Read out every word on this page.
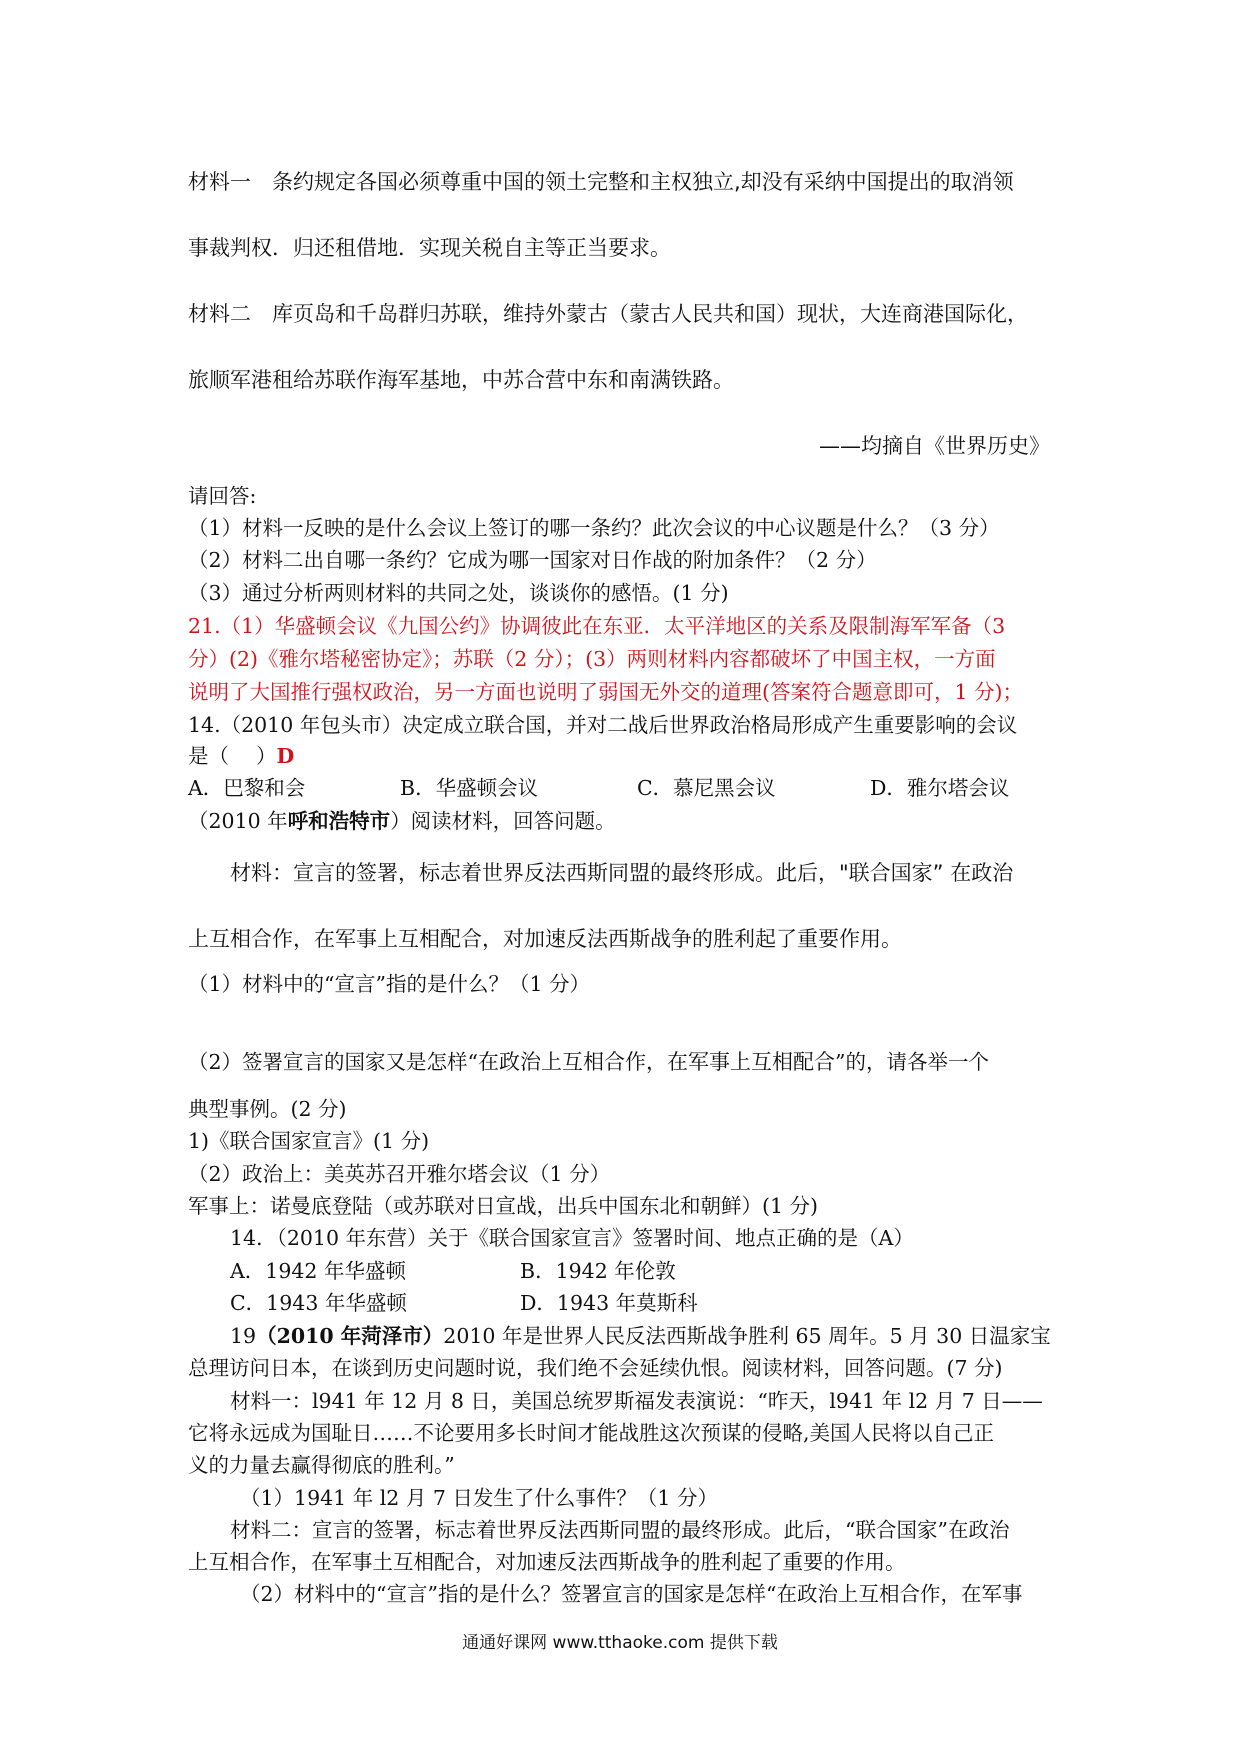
材料一　条约规定各国必须尊重中国的领土完整和主权独立,却没有采纳中国提出的取消领
事裁判权．归还租借地．实现关税自主等正当要求。
材料二　库页岛和千岛群归苏联，维持外蒙古（蒙古人民共和国）现状，大连商港国际化，
旅顺军港租给苏联作海军基地，中苏合营中东和南满铁路。
——均摘自《世界历史》
请回答:
（1）材料一反映的是什么会议上签订的哪一条约？此次会议的中心议题是什么？（3 分）
（2）材料二出自哪一条约？它成为哪一国家对日作战的附加条件？（2 分）
（3）通过分析两则材料的共同之处，谈谈你的感悟。(1 分)
21.（1）华盛顿会议《九国公约》协调彼此在东亚．太平洋地区的关系及限制海军军备（3
分）(2)《雅尔塔秘密协定》；苏联（2 分）；(3）两则材料内容都破坏了中国主权，一方面
说明了大国推行强权政治，另一方面也说明了弱国无外交的道理(答案符合题意即可，1 分)；
14.（2010 年包头市）决定成立联合国，并对二战后世界政治格局形成产生重要影响的会议
是（　 ）D
A．巴黎和会	B．华盛顿会议	C．慕尼黑会议	D．雅尔塔会议
（2010 年呼和浩特市）阅读材料，回答问题。
材料：宣言的签署，标志着世界反法西斯同盟的最终形成。此后，"联合国家” 在政治
上互相合作，在军事上互相配合，对加速反法西斯战争的胜利起了重要作用。
（1）材料中的“宣言”指的是什么？（1 分）
（2）签署宣言的国家又是怎样“在政治上互相合作，在军事上互相配合”的，请各举一个
典型事例。(2 分)
1)《联合国家宣言》(1 分)
（2）政治上：美英苏召开雅尔塔会议（1 分）
军事上：诺曼底登陆（或苏联对日宣战，出兵中国东北和朝鲜）(1 分)
14．（2010 年东营）关于《联合国家宣言》签署时间、地点正确的是（A）
A．1942 年华盛顿	B．1942 年伦敦
C．1943 年华盛顿	D．1943 年莫斯科
19（2010 年菏泽市）2010 年是世界人民反法西斯战争胜利 65 周年。5 月 30 日温家宝
总理访问日本，在谈到历史问题时说，我们绝不会延续仇恨。阅读材料，回答问题。(7 分)
材料一：l941 年 12 月 8 日，美国总统罗斯福发表演说：“昨天，l941 年 l2 月 7 日——
它将永远成为国耻日……不论要用多长时间才能战胜这次预谋的侵略,美国人民将以自己正
义的力量去赢得彻底的胜利。”
（1）1941 年 l2 月 7 日发生了什么事件？（1 分）
材料二：宣言的签署，标志着世界反法西斯同盟的最终形成。此后，“联合国家”在政治
上互相合作，在军事土互相配合，对加速反法西斯战争的胜利起了重要的作用。
（2）材料中的“宣言”指的是什么？签署宣言的国家是怎样“在政治上互相合作，在军事
通通好课网 www.tthaoke.com 提供下载
